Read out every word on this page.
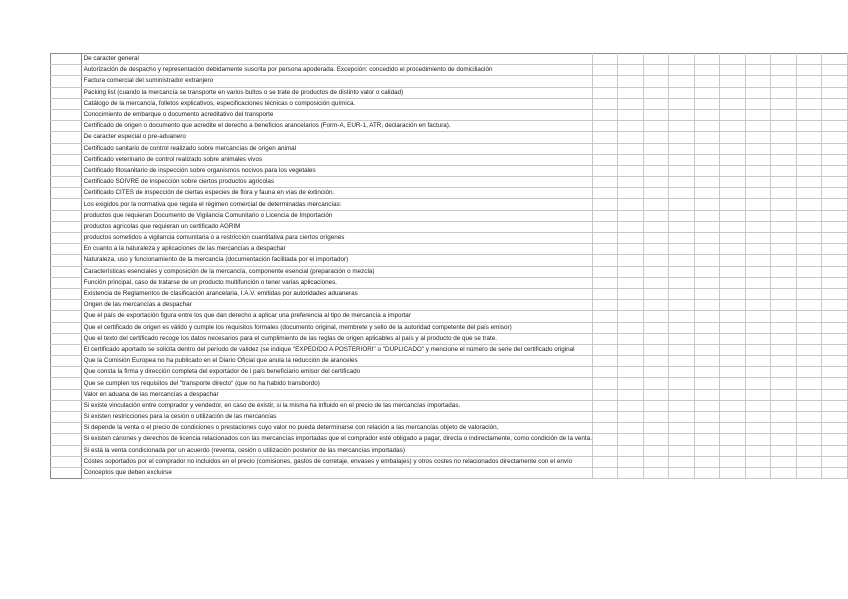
	De caracter general										
	Autorización de despacho y representación debidamente suscrita por persona apoderada. Excepción: concedido el procedimiento de domiciliación										
	Factura comercial del suministrador extranjero										
	Packing list (cuando la mercancía se transporte en varios bultos o se trate de productos de distinto valor o calidad)										
	Catálogo de la mercancía, folletos explicativos, especificaciones técnicas o composición química.										
	Conocimiento de embarque o documento acreditativo del transporte										
	Certificado de origen o documento que acredite el derecho a beneficios arancelarios (Form-A, EUR-1, ATR, declaración en factura).										
	De caracter especial o pre-aduanero										
	Certificado sanitario de control realizado sobre mercancías de origen animal										
	Certificado veterinario de control realizado sobre animales vivos										
	Certificado fitosanitario de inspección sobre organismos nocivos para los vegetales										
	Certificado SOIVRE de inspección sobre ciertos productos agrícolas										
	Certificado CITES de inspección de ciertas especies de flora y fauna en vías de extinción.										
	Los exigidos por la normativa que regula el régimen comercial de determinadas mercancías:										
	productos que requieran Documento de Vigilancia Comunitario o Licencia de Importación										
	productos agrícolas que requieran un certificado AGRIM										
	productos sometidos a vigilancia comunitaria o a restricción cuantitativa para ciertos orígenes										
	En cuanto a la naturaleza y aplicaciones de las mercancías a despachar										
	Naturaleza, uso y funcionamiento de la mercancía (documentación facilitada por el importador)										
	Características esenciales y composición de la mercancía, componente esencial (preparación o mezcla)										
	Función principal, caso de tratarse de un producto multifunción o tener varias aplicaciones.										
	Existencia de Reglamentos de clasificación arancelaria, I.A.V. emitidas por autoridades aduaneras										
	Origen de las mercancías a despachar										
	Que el país de exportación figura entre los que dan derecho a aplicar una preferencia al tipo de mercancía a importar										
	Que el certificado de origen es válido y cumple los requisitos formales (documento original, membrete y sello de la autoridad competente del país emisor)										
	Que el texto del certificado recoge los datos necesarios para el cumplimiento de las reglas de origen aplicables al país y al producto de que se trate.										
	El certificado aportado se solicita dentro del período de validez (se indique "EXPEDIDO A POSTERIORI" o "DUPLICADO" y mencione el número de serie del certificado original										
	Que la Comisión Europea no ha publicado en el Diario Oficial que anula la reducción de aranceles										
	Que consta la firma y dirección completa del exportador de l país beneficiario emisor del certificado										
	Que se cumplen los requisitos del "transporte directo" (que no ha habido transbordo)										
	Valor en aduana de las mercancías a despachar										
	Si existe vinculación entre comprador y vendedor, en caso de existir, si la misma ha influido en el precio de las mercancías importadas.										
	Si existen restricciones para la cesión o utilización de las mercancías										
	Si depende la venta o el precio de condiciones o prestaciones cuyo valor no pueda determinarse con relación a las mercancías objeto de valoración,										
	Si existen cánones y derechos de licencia relacionados con las mercancías importadas que el comprador esté obligado a pagar, directa o indirectamente, como condición de la venta.										
	Si está la venta condicionada por un acuerdo (reventa, cesión o utilización posterior de las mercancías importadas)										
	Costes soportados por el comprador no incluidos en el precio (comisiones, gastos de corretaje, envases y embalajes) y otros costes no relacionados directamente con el envío										
	Conceptos que deben excluirse										
